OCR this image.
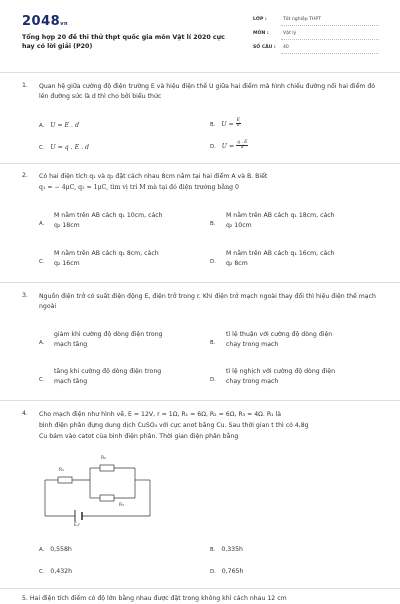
2048vn
Tổng hợp 20 đề thi thử thpt quốc gia môn Vật lí 2020 cực hay có lời giải (P20)
LỚP :	Tốt nghiệp THPT
MÔN :	Vật lý
SỐ CÂU : 40
1. Quan hệ giữa cường độ điện trường E và hiệu điện thế U giữa hai điểm mà hình chiếu đường nối hai điểm đó lên đường sức là d thì cho bởi biểu thức
A. U = E . d	B. $U = \frac{E}{d}$
C. U = q . E . d	D. $U = \frac{q . E}{d}$
2. Có hai điện tích q₁ và q₂ đặt cách nhau 8cm nằm tại hai điểm A và B. Biết
q₁ = − 4μC, q₂ = 1μC, tìm vị trí M mà tại đó điện trường bằng 0
A.
M nằm trên AB cách q₁ 10cm, cách
q₂ 18cm	B.
M nằm trên AB cách q₁ 18cm, cách
q₂ 10cm
C.
M nằm trên AB cách q₁ 8cm, cách
q₂ 16cm	D.
M nằm trên AB cách q₁ 16cm, cách
q₂ 8cm
3. Nguồn điện trở có suất điện động E, điện trở trong r. Khi điện trở mạch ngoài thay đổi thì hiệu điện thế mạch ngoài
A.
giảm khi cường độ dòng điện trong
mạch tăng	B.
tỉ lệ thuận với cường độ dòng điện
chạy trong mạch
C.
tăng khi cường độ dòng điện trong
mạch tăng	D.
tỉ lệ nghịch với cường độ dòng điện
chạy trong mạch
4. Cho mạch điện như hình vẽ, E = 12V, r = 1Ω, R₁ = 6Ω, R₂ = 6Ω, R₃ = 4Ω. R₁ là
bình điện phân đựng dung dịch CuSO₄ với cực anot bằng Cu. Sau thời gian t thì có 4,8g
Cu bám vào catot của bình điện phân. Thời gian điện phân bằng
R₁
R₂
R₃
E,r
A. 0,558h	B. 0,335h
C. 0,432h	D. 0,765h
5. Hai điện tích điểm có độ lớn bằng nhau được đặt trong không khí cách nhau 12 cm
